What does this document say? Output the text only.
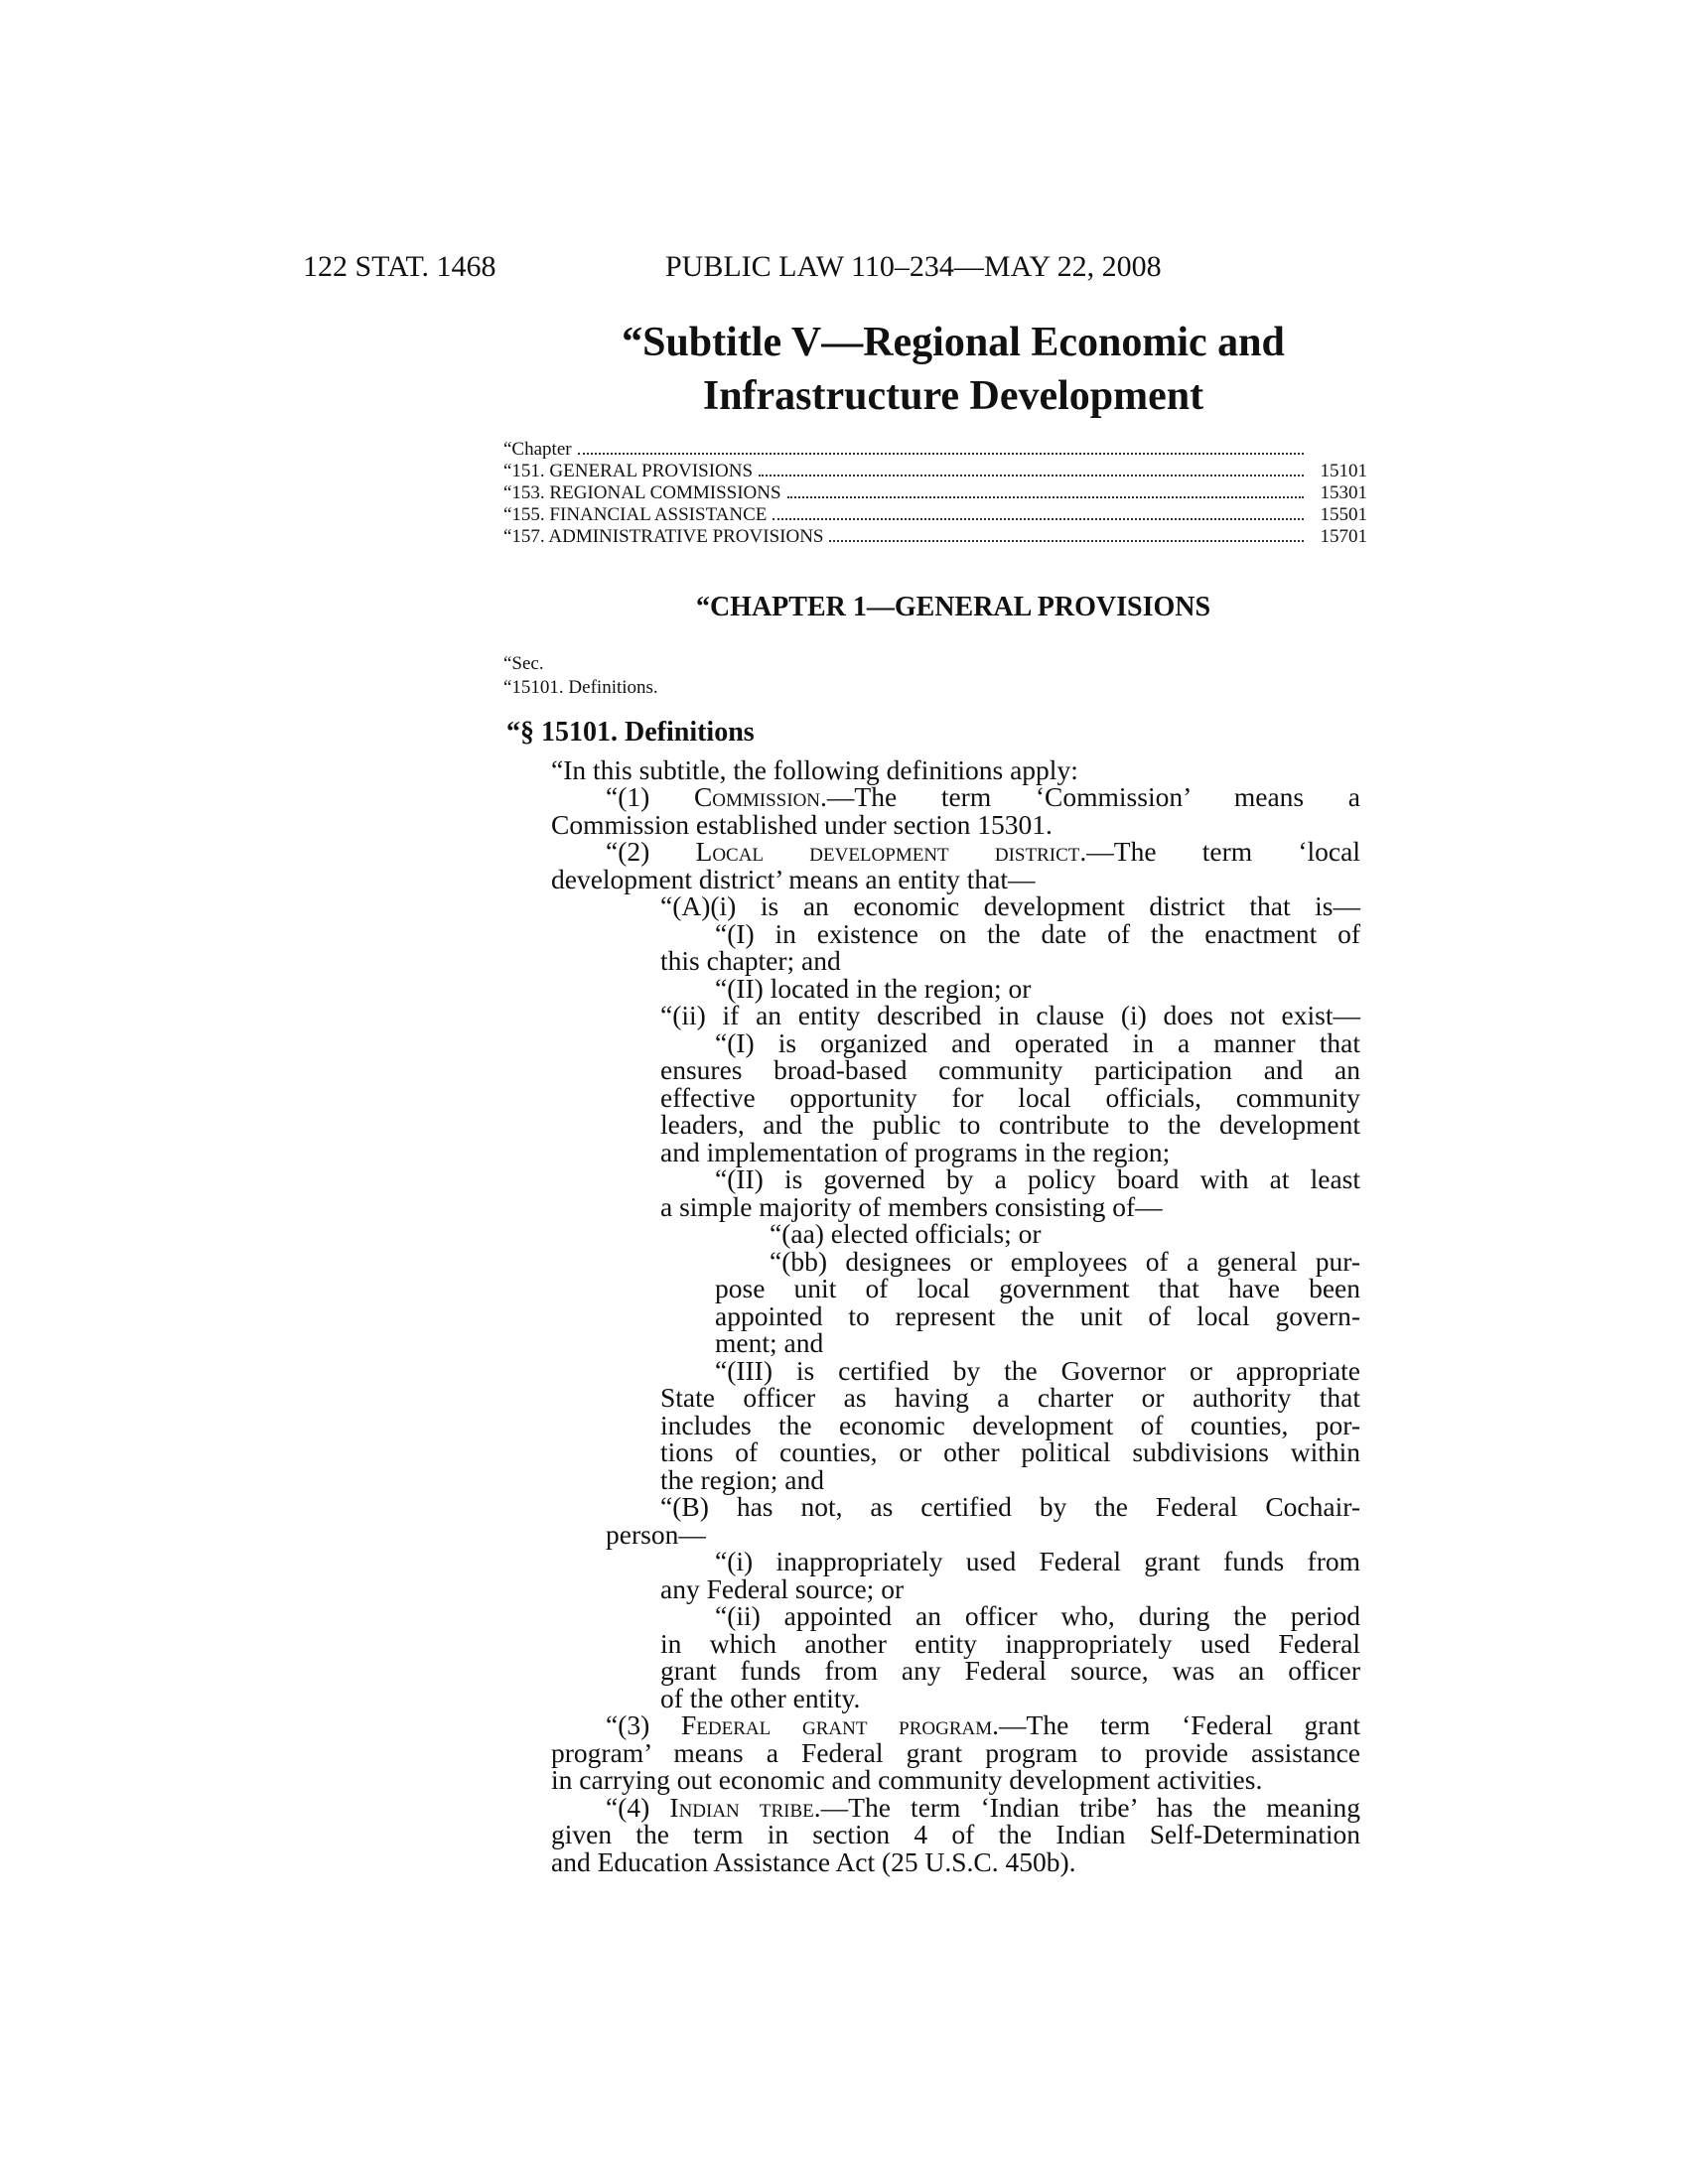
122 STAT. 1468	PUBLIC LAW 110–234—MAY 22, 2008
“Subtitle V—Regional Economic and
Infrastructure Development
“Chapter
“151. GENERAL PROVISIONS	15101
“153. REGIONAL COMMISSIONS	15301
“155. FINANCIAL ASSISTANCE	15501
“157. ADMINISTRATIVE PROVISIONS	15701
“CHAPTER 1—GENERAL PROVISIONS
“Sec.
“15101. Definitions.
“§ 15101. Definitions

“In this subtitle, the following definitions apply:

“(1) Commission.—The term ‘Commission’ means a

Commission established under section 15301.

“(2) Local development district.—The term ‘local

development district’ means an entity that—

“(A)(i) is an economic development district that is—

“(I) in existence on the date of the enactment of

this chapter; and

“(II) located in the region; or

“(ii) if an entity described in clause (i) does not exist—

“(I) is organized and operated in a manner that

ensures broad-based community participation and an

effective opportunity for local officials, community

leaders, and the public to contribute to the development

and implementation of programs in the region;

“(II) is governed by a policy board with at least

a simple majority of members consisting of—

“(aa) elected officials; or

“(bb) designees or employees of a general pur-

pose unit of local government that have been

appointed to represent the unit of local govern-

ment; and

“(III) is certified by the Governor or appropriate

State officer as having a charter or authority that

includes the economic development of counties, por-

tions of counties, or other political subdivisions within

the region; and

“(B) has not, as certified by the Federal Cochair-

person—

“(i) inappropriately used Federal grant funds from

any Federal source; or

“(ii) appointed an officer who, during the period

in which another entity inappropriately used Federal

grant funds from any Federal source, was an officer

of the other entity.

“(3) Federal grant program.—The term ‘Federal grant

program’ means a Federal grant program to provide assistance

in carrying out economic and community development activities.

“(4) Indian tribe.—The term ‘Indian tribe’ has the meaning

given the term in section 4 of the Indian Self-Determination

and Education Assistance Act (25 U.S.C. 450b).
